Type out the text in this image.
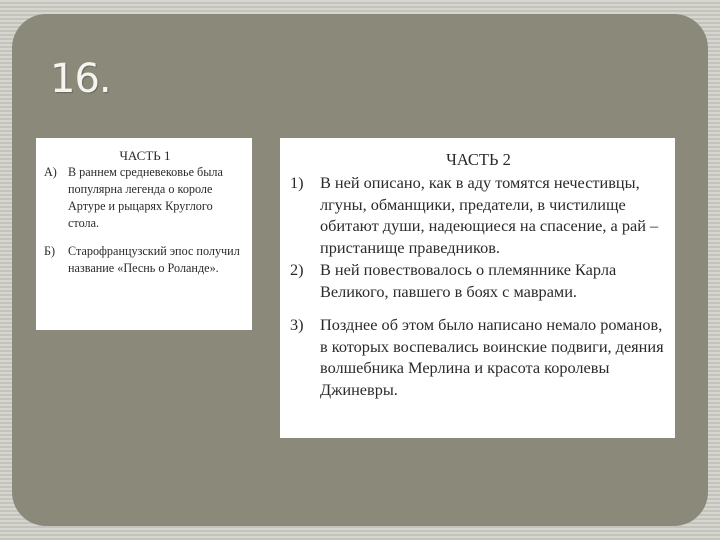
16.
ЧАСТЬ 1
А) В раннем средневековье была популярна легенда о короле Артуре и рыцарях Круглого стола.
Б)	Старофранцузский эпос получил название «Песнь о Роланде».
ЧАСТЬ 2
1)	В ней описано, как в аду томятся нечестивцы, лгуны, обманщики, предатели, в чистилище обитают души, надеющиеся на спасение, а рай – пристанище праведников.
2)	В ней повествовалось о племяннике Карла Великого, павшего в боях с маврами.
3)	Позднее об этом было написано немало романов, в которых воспевались воинские подвиги, деяния волшебника Мерлина и красота королевы Джиневры.
